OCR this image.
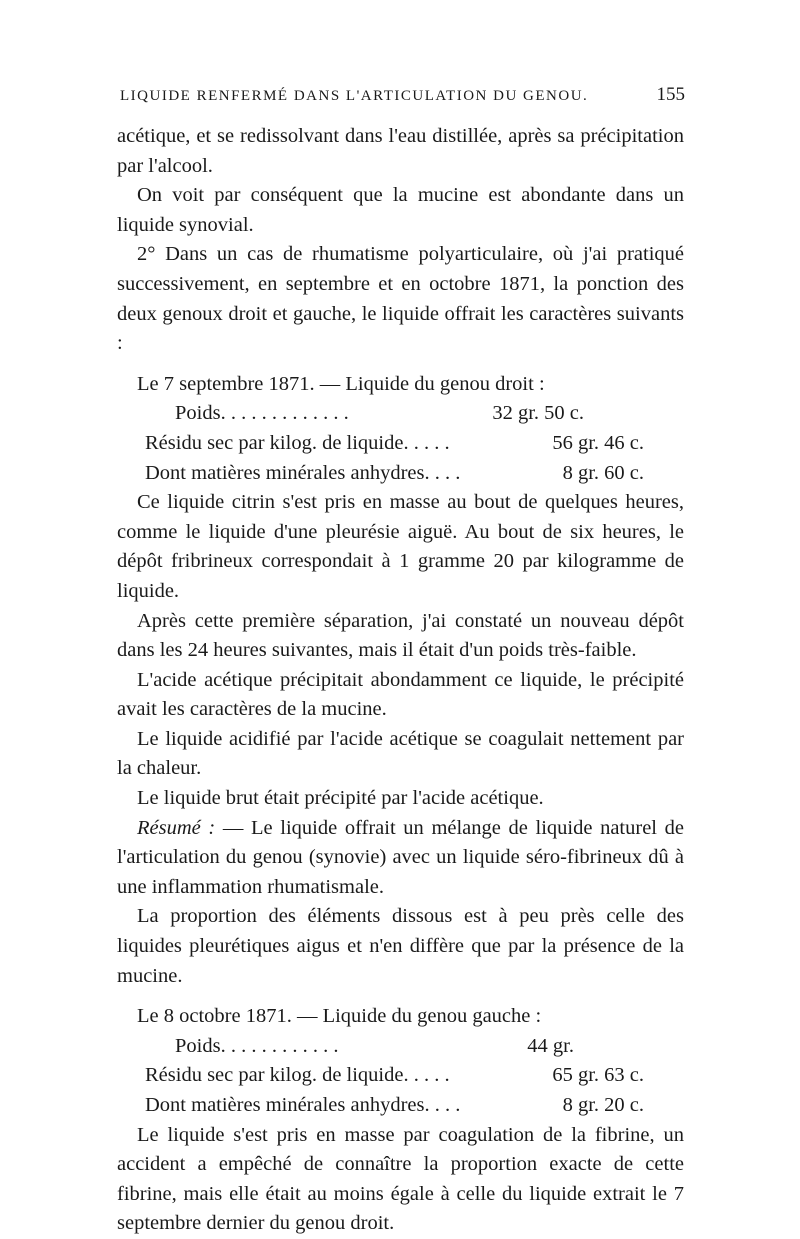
LIQUIDE RENFERMÉ DANS L'ARTICULATION DU GENOU.	155

acétique, et se redissolvant dans l'eau distillée, après sa précipitation par l'alcool.

On voit par conséquent que la mucine est abondante dans un liquide synovial.

2° Dans un cas de rhumatisme polyarticulaire, où j'ai pratiqué successivement, en septembre et en octobre 1871, la ponction des deux genoux droit et gauche, le liquide offrait les caractères suivants :

Le 7 septembre 1871. — Liquide du genou droit :

Poids. . . . . . . . . . . . .	32 gr. 50 c.
Résidu sec par kilog. de liquide. . . . .	56 gr. 46 c.
Dont matières minérales anhydres. . . .	8 gr. 60 c.

Ce liquide citrin s'est pris en masse au bout de quelques heures, comme le liquide d'une pleurésie aiguë. Au bout de six heures, le dépôt fribrineux correspondait à 1 gramme 20 par kilogramme de liquide.

Après cette première séparation, j'ai constaté un nouveau dépôt dans les 24 heures suivantes, mais il était d'un poids très-faible.

L'acide acétique précipitait abondamment ce liquide, le précipité avait les caractères de la mucine.

Le liquide acidifié par l'acide acétique se coagulait nettement par la chaleur.

Le liquide brut était précipité par l'acide acétique.

Résumé : — Le liquide offrait un mélange de liquide naturel de l'articulation du genou (synovie) avec un liquide séro-fibrineux dû à une inflammation rhumatismale.

La proportion des éléments dissous est à peu près celle des liquides pleurétiques aigus et n'en diffère que par la présence de la mucine.

Le 8 octobre 1871. — Liquide du genou gauche :

Poids. . . . . . . . . . . .	44 gr.
Résidu sec par kilog. de liquide. . . . .	65 gr. 63 c.
Dont matières minérales anhydres. . . .	8 gr. 20 c.

Le liquide s'est pris en masse par coagulation de la fibrine, un accident a empêché de connaître la proportion exacte de cette fibrine, mais elle était au moins égale à celle du liquide extrait le 7 septembre dernier du genou droit.
